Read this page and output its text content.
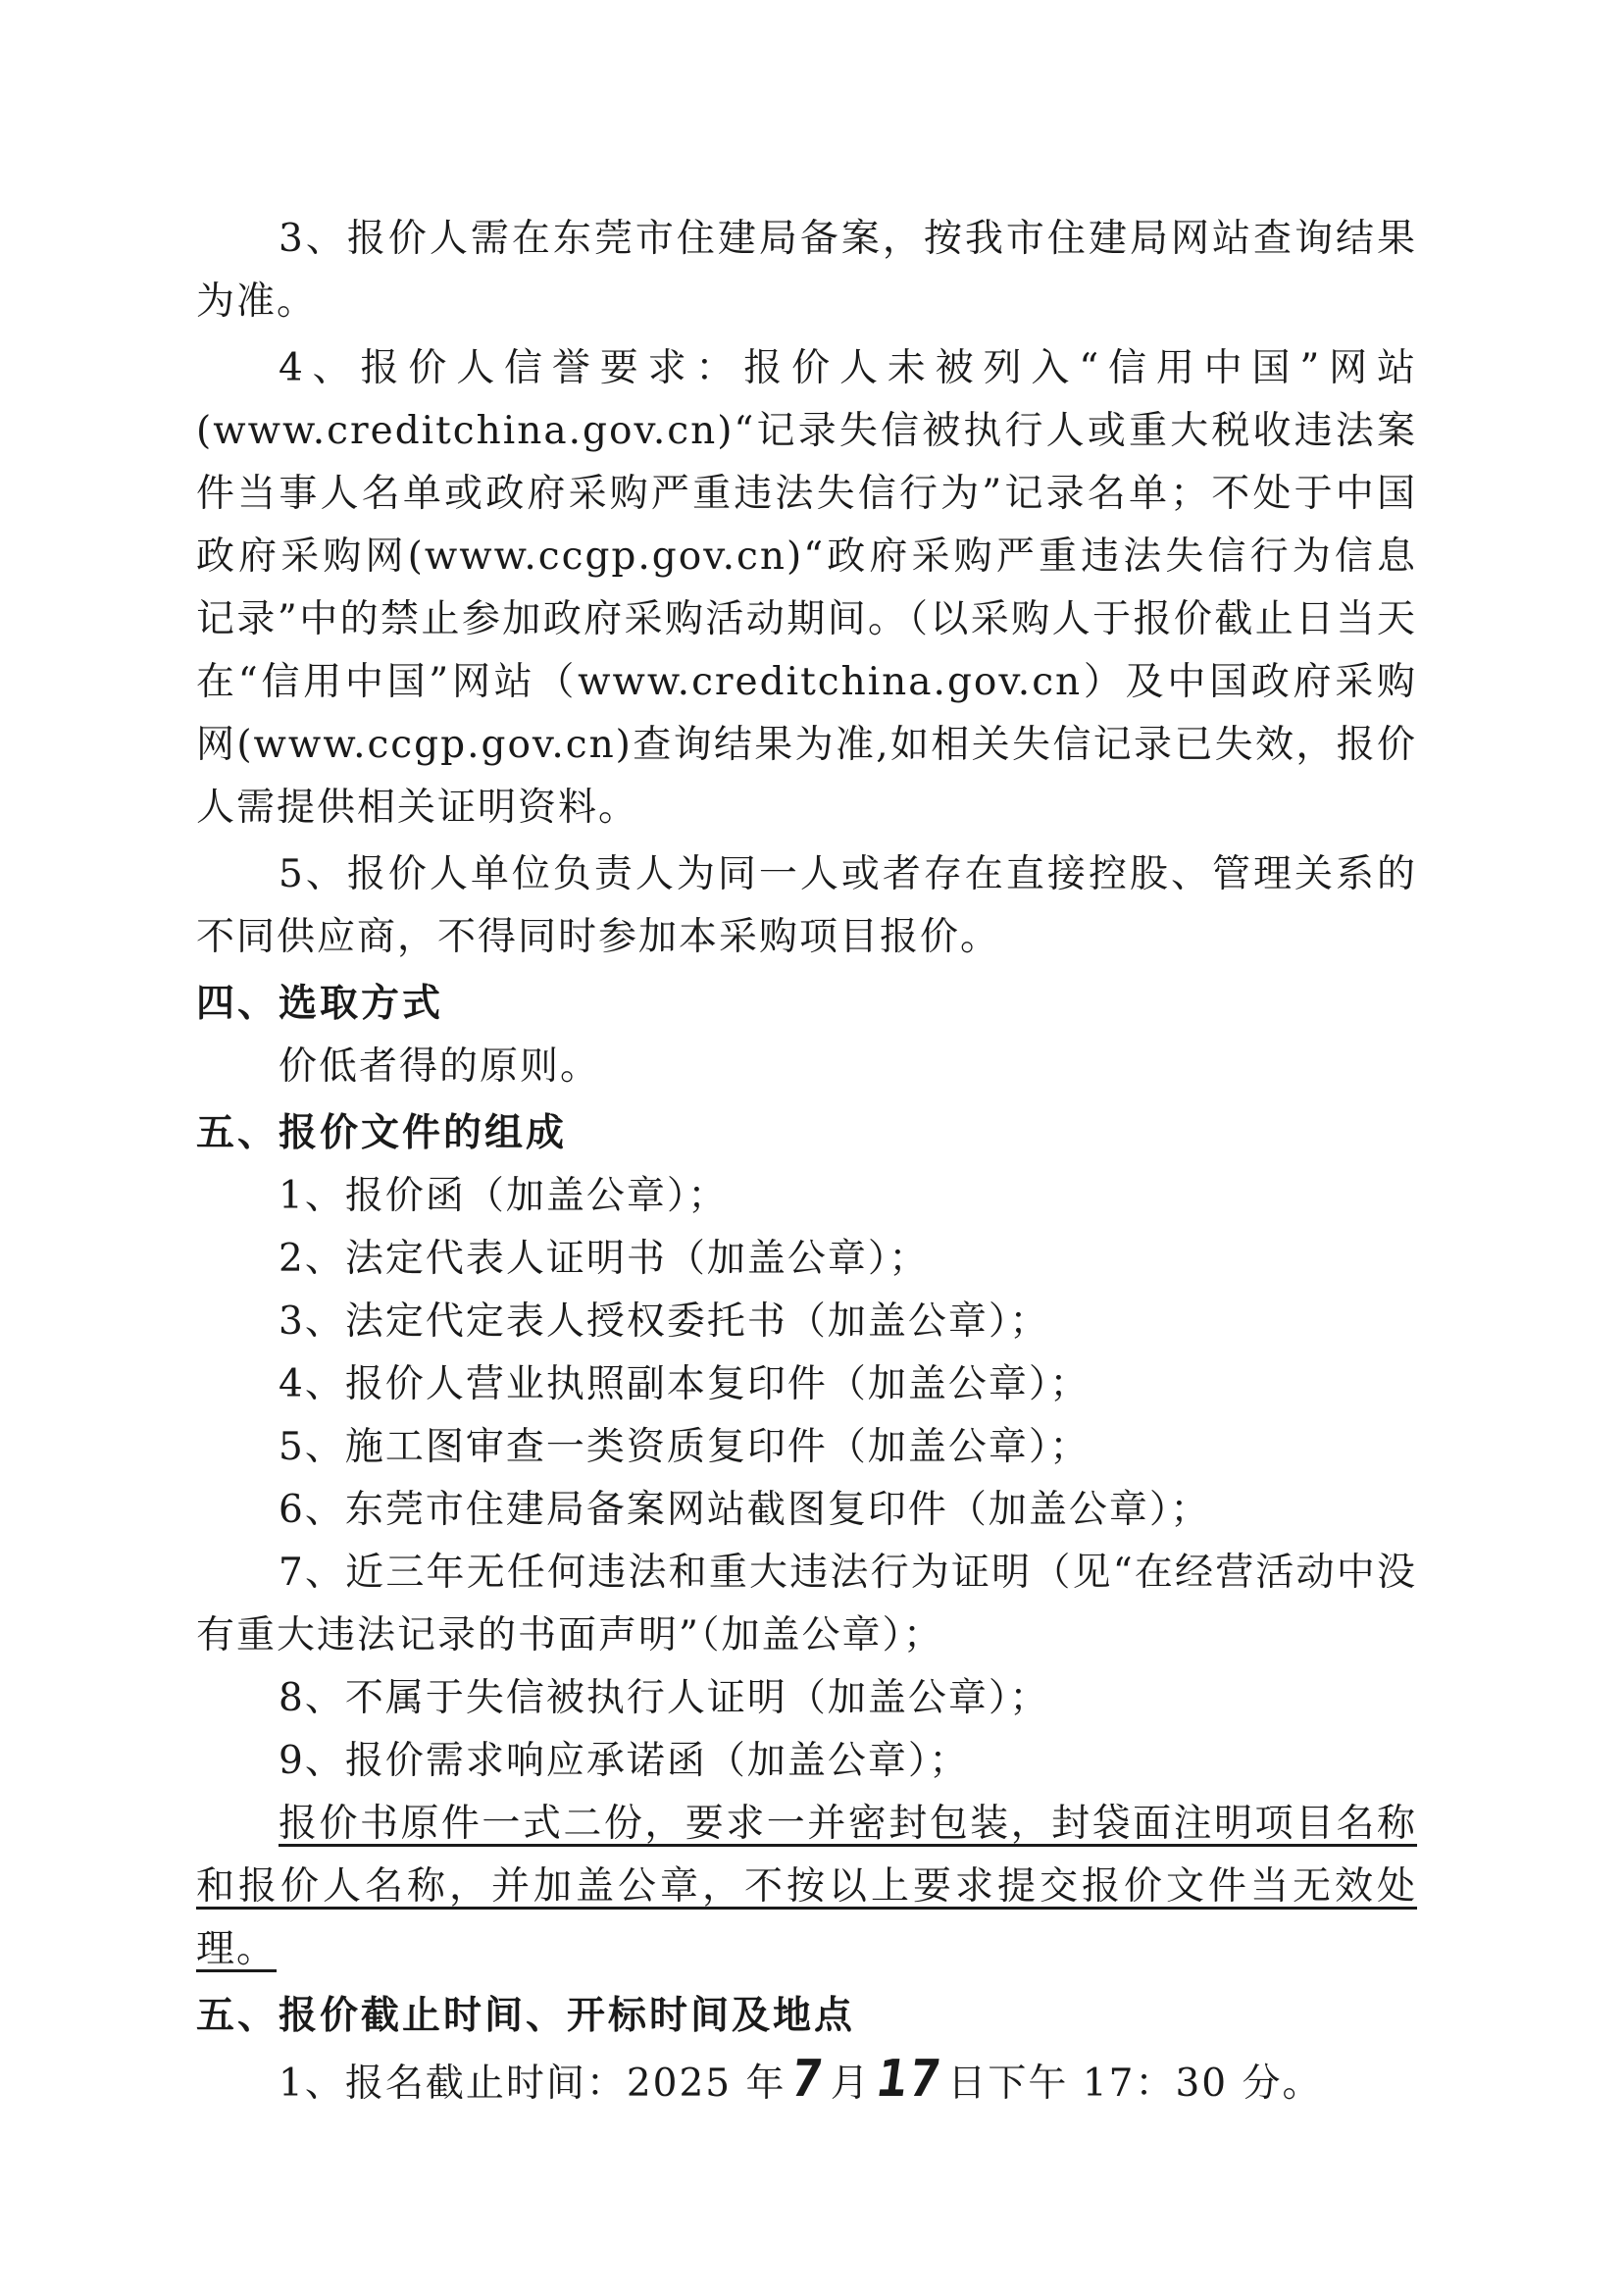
3、报价人需在东莞市住建局备案，按我市住建局网站查询结果为准。

4、报价人信誉要求：报价人未被列入“信用中国”网站(www.creditchina.gov.cn)“记录失信被执行人或重大税收违法案件当事人名单或政府采购严重违法失信行为”记录名单；不处于中国政府采购网(www.ccgp.gov.cn)“政府采购严重违法失信行为信息记录”中的禁止参加政府采购活动期间。（以采购人于报价截止日当天在“信用中国”网站（www.creditchina.gov.cn）及中国政府采购网(www.ccgp.gov.cn)查询结果为准,如相关失信记录已失效，报价人需提供相关证明资料。

5、报价人单位负责人为同一人或者存在直接控股、管理关系的不同供应商，不得同时参加本采购项目报价。

四、选取方式

价低者得的原则。

五、报价文件的组成

1、报价函（加盖公章）；

2、法定代表人证明书（加盖公章）；

3、法定代定表人授权委托书（加盖公章）；

4、报价人营业执照副本复印件（加盖公章）；

5、施工图审查一类资质复印件（加盖公章）；

6、东莞市住建局备案网站截图复印件（加盖公章）；

7、近三年无任何违法和重大违法行为证明（见“在经营活动中没有重大违法记录的书面声明”（加盖公章）；

8、不属于失信被执行人证明（加盖公章）；

9、报价需求响应承诺函（加盖公章）；

报价书原件一式二份，要求一并密封包装，封袋面注明项目名称和报价人名称，并加盖公章，不按以上要求提交报价文件当无效处理。

五、报价截止时间、开标时间及地点

1、报名截止时间：2025 年7月17日下午 17：30 分。
